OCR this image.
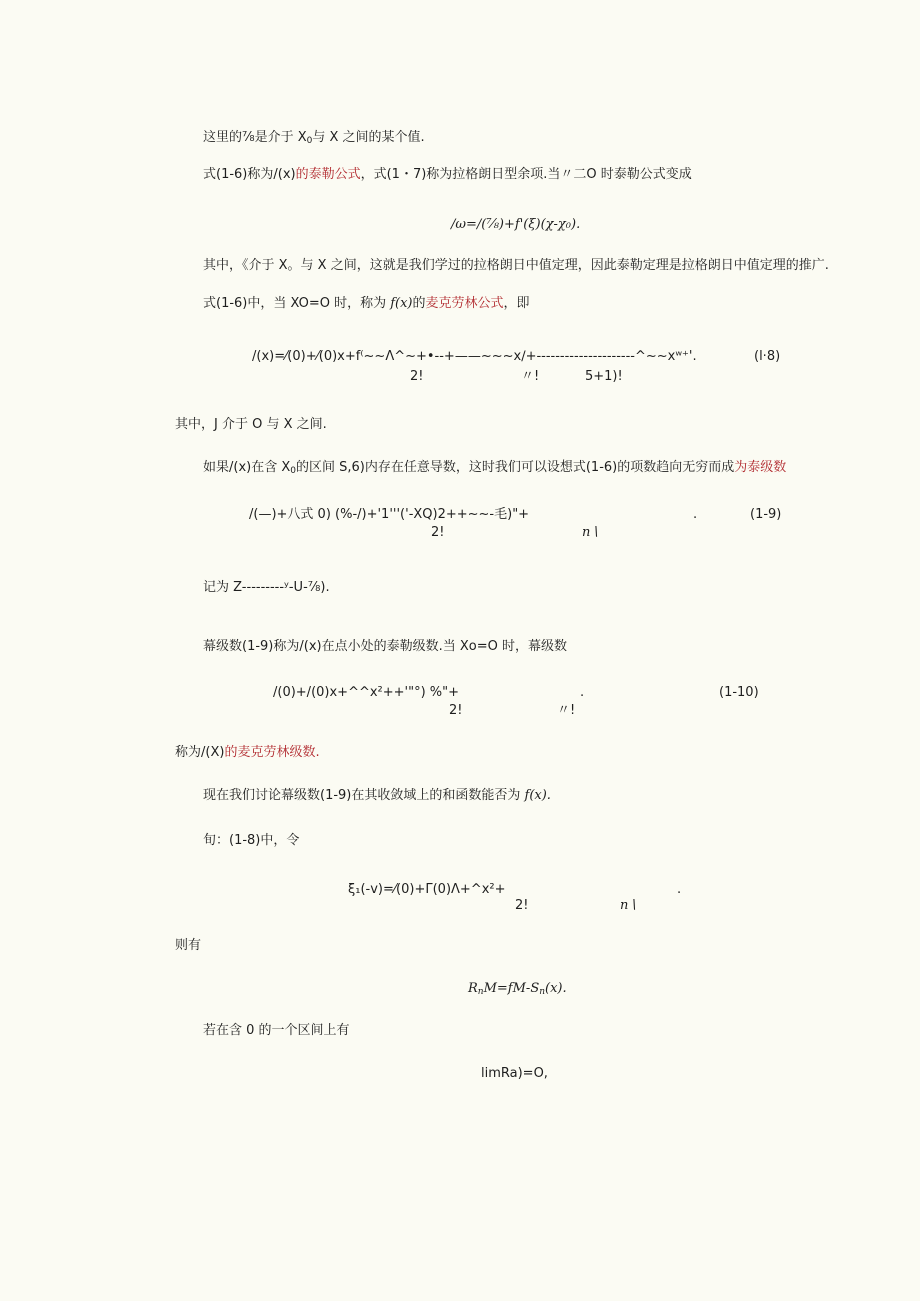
这里的⅞是介于 $X_0$与 X 之间的某个值.
式(1-6)称为/(x)的泰勒公式，式(1・7)称为拉格朗日型余项.当〃二O 时泰勒公式变成
/ω=/(⅞)+f'(ξ)(χ-χ₀).
其中，《介于 X。与 X 之间，这就是我们学过的拉格朗日中值定理，因此泰勒定理是拉格朗日中值定理的推广.
式(1-6)中，当 XO=O 时，称为 f(x)的麦克劳林公式，即
/(x)=⁄(0)+⁄(0)x+f⁽~~Λ^~+•--+——~~~x∕+---------------------^~~xʷ⁺'.	(l·8)
2!	〃!	5+1)!
其中，J 介于 O 与 X 之间.
如果/(x)在含 $X_0$的区间 S,6)内存在任意导数，这时我们可以设想式(1-6)的项数趋向无穷而成为泰级数
/(—)+八式 0) (%-/)+'1'''('-XQ)2++~~-毛)"+	.	(1-9)
2!	n∖
记为 Z---------ʸ-U-⅞).
幕级数(1-9)称为/(x)在点小处的泰勒级数.当 Xo=O 时，幕级数
/(0)+/(0)x+^^x²++'"°) %"+	.	(1-10)
2!	〃!
称为/(X)的麦克劳林级数.
现在我们讨论幕级数(1-9)在其收敛域上的和函数能否为 f(x).
旬：(1-8)中，令
ξ₁(-v)=⁄(0)+Γ(0)Λ+^x²+	.
2!	n∖
则有
$R_nM=fM-S_n(x)$.
若在含 0 的一个区间上有
limRa)=O,
